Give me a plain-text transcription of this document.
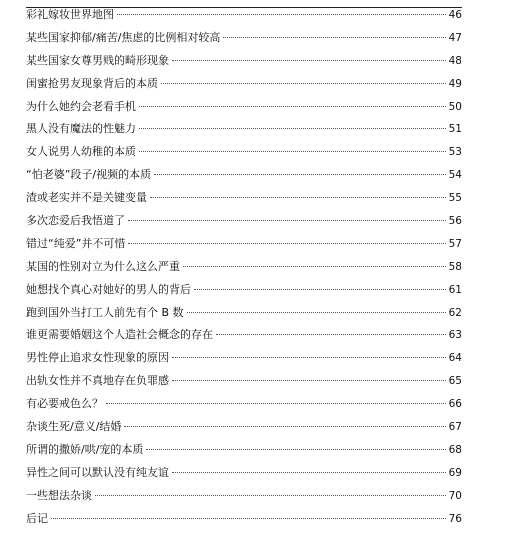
彩礼嫁妆世界地图	46
某些国家抑郁/痛苦/焦虑的比例相对较高	47
某些国家女尊男贱的畸形现象	48
闺蜜抢男友现象背后的本质	49
为什么她约会老看手机	50
黑人没有魔法的性魅力	51
女人说男人幼稚的本质	53
“怕老婆”段子/视频的本质	54
渣或老实并不是关键变量	55
多次恋爱后我悟道了	56
错过“纯爱”并不可惜	57
某国的性别对立为什么这么严重	58
她想找个真心对她好的男人的背后	61
跑到国外当打工人前先有个 B 数	62
谁更需要婚姻这个人造社会概念的存在	63
男性停止追求女性现象的原因	64
出轨女性并不真地存在负罪感	65
有必要戒色么？	66
杂谈生死/意义/结婚	67
所谓的撒娇/哄/宠的本质	68
异性之间可以默认没有纯友谊	69
一些想法杂谈	70
后记	76
